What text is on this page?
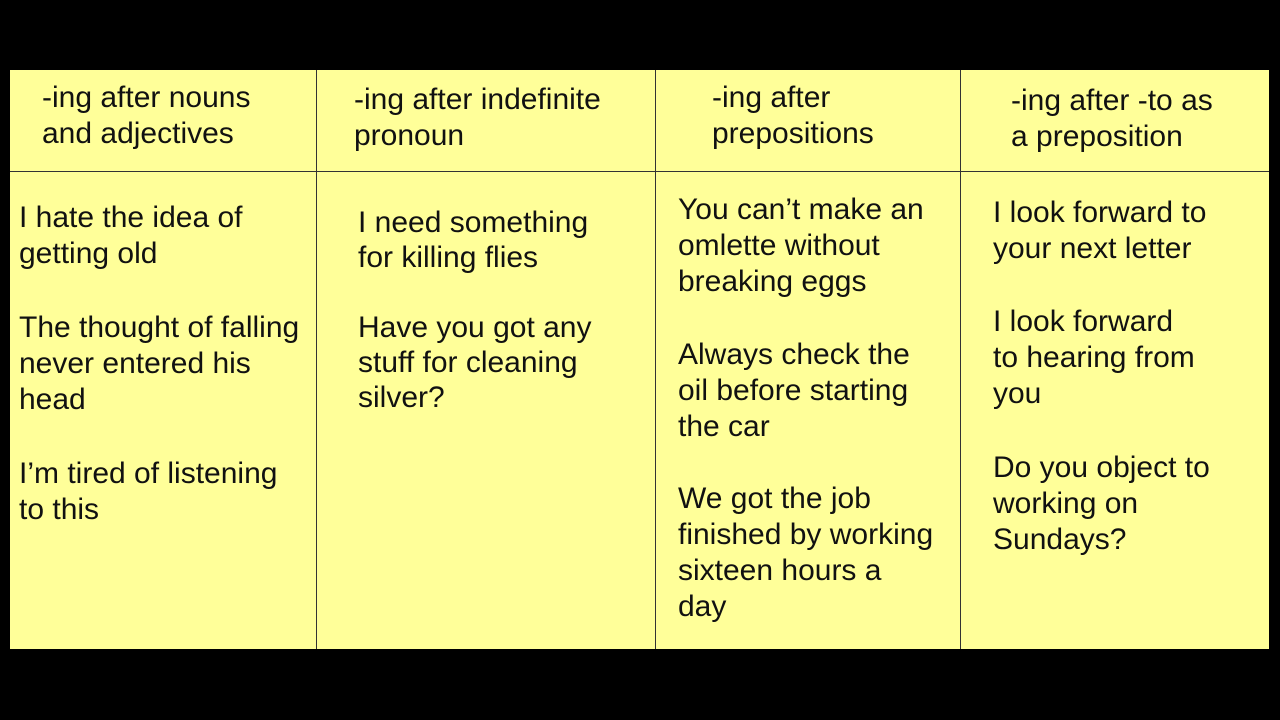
-ing after nouns
and adjectives
-ing after indefinite
pronoun
-ing after
prepositions
-ing after -to as
a preposition

I hate the idea of
getting old

The thought of falling
never entered his
head

I’m tired of listening
to this

I need something
for killing flies

Have you got any
stuff for cleaning
silver?

You can’t make an
omlette without
breaking eggs

Always check the
oil before starting
the car

We got the job
finished by working
sixteen hours a
day

I look forward to
your next letter

I look forward
to hearing from
you

Do you object to
working on
Sundays?
